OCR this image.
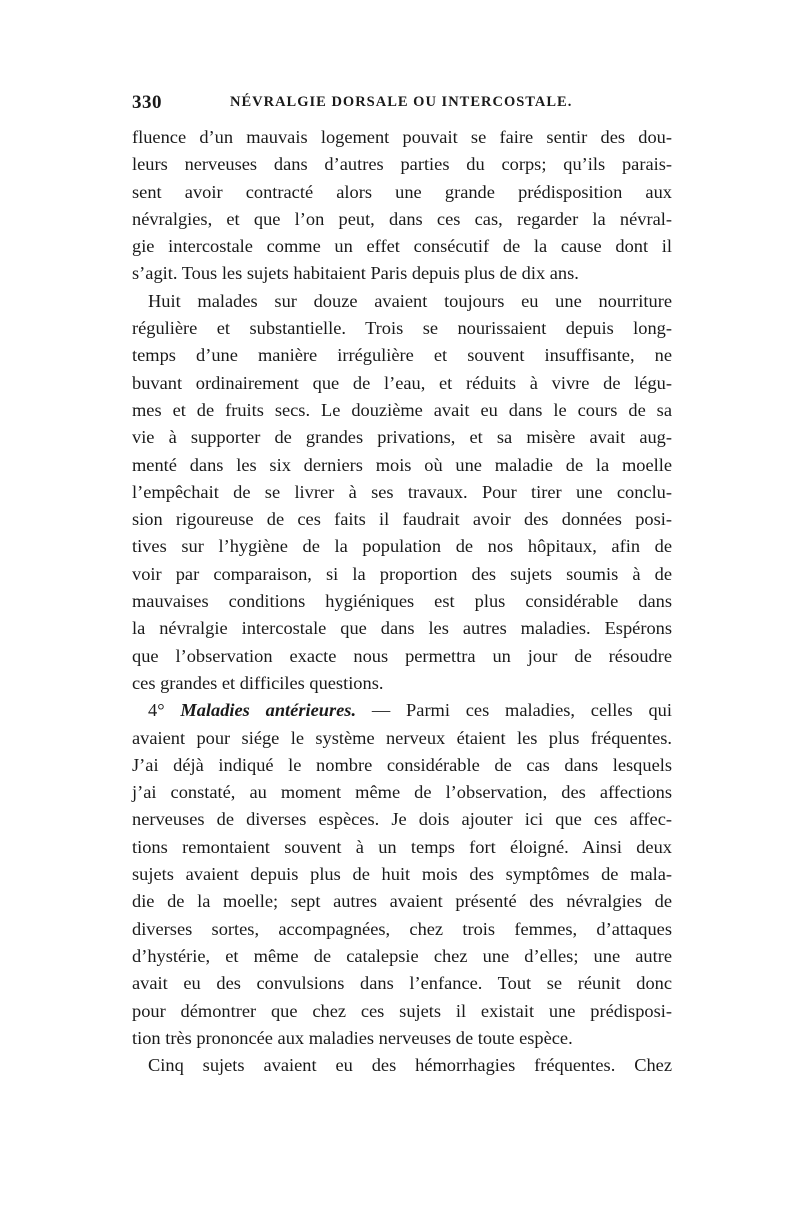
330	NÉVRALGIE DORSALE OU INTERCOSTALE.

fluence d’un mauvais logement pouvait se faire sentir des dou-
leurs nerveuses dans d’autres parties du corps; qu’ils parais-
sent avoir contracté alors une grande prédisposition aux
névralgies, et que l’on peut, dans ces cas, regarder la névral-
gie intercostale comme un effet consécutif de la cause dont il
s’agit. Tous les sujets habitaient Paris depuis plus de dix ans.

Huit malades sur douze avaient toujours eu une nourriture
régulière et substantielle. Trois se nourissaient depuis long-
temps d’une manière irrégulière et souvent insuffisante, ne
buvant ordinairement que de l’eau, et réduits à vivre de légu-
mes et de fruits secs. Le douzième avait eu dans le cours de sa
vie à supporter de grandes privations, et sa misère avait aug-
menté dans les six derniers mois où une maladie de la moelle
l’empêchait de se livrer à ses travaux. Pour tirer une conclu-
sion rigoureuse de ces faits il faudrait avoir des données posi-
tives sur l’hygiène de la population de nos hôpitaux, afin de
voir par comparaison, si la proportion des sujets soumis à de
mauvaises conditions hygiéniques est plus considérable dans
la névralgie intercostale que dans les autres maladies. Espérons
que l’observation exacte nous permettra un jour de résoudre
ces grandes et difficiles questions.

4° Maladies antérieures. — Parmi ces maladies, celles qui
avaient pour siége le système nerveux étaient les plus fréquentes.
J’ai déjà indiqué le nombre considérable de cas dans lesquels
j’ai constaté, au moment même de l’observation, des affections
nerveuses de diverses espèces. Je dois ajouter ici que ces affec-
tions remontaient souvent à un temps fort éloigné. Ainsi deux
sujets avaient depuis plus de huit mois des symptômes de mala-
die de la moelle; sept autres avaient présenté des névralgies de
diverses sortes, accompagnées, chez trois femmes, d’attaques
d’hystérie, et même de catalepsie chez une d’elles; une autre
avait eu des convulsions dans l’enfance. Tout se réunit donc
pour démontrer que chez ces sujets il existait une prédisposi-
tion très prononcée aux maladies nerveuses de toute espèce.

Cinq sujets avaient eu des hémorrhagies fréquentes. Chez
